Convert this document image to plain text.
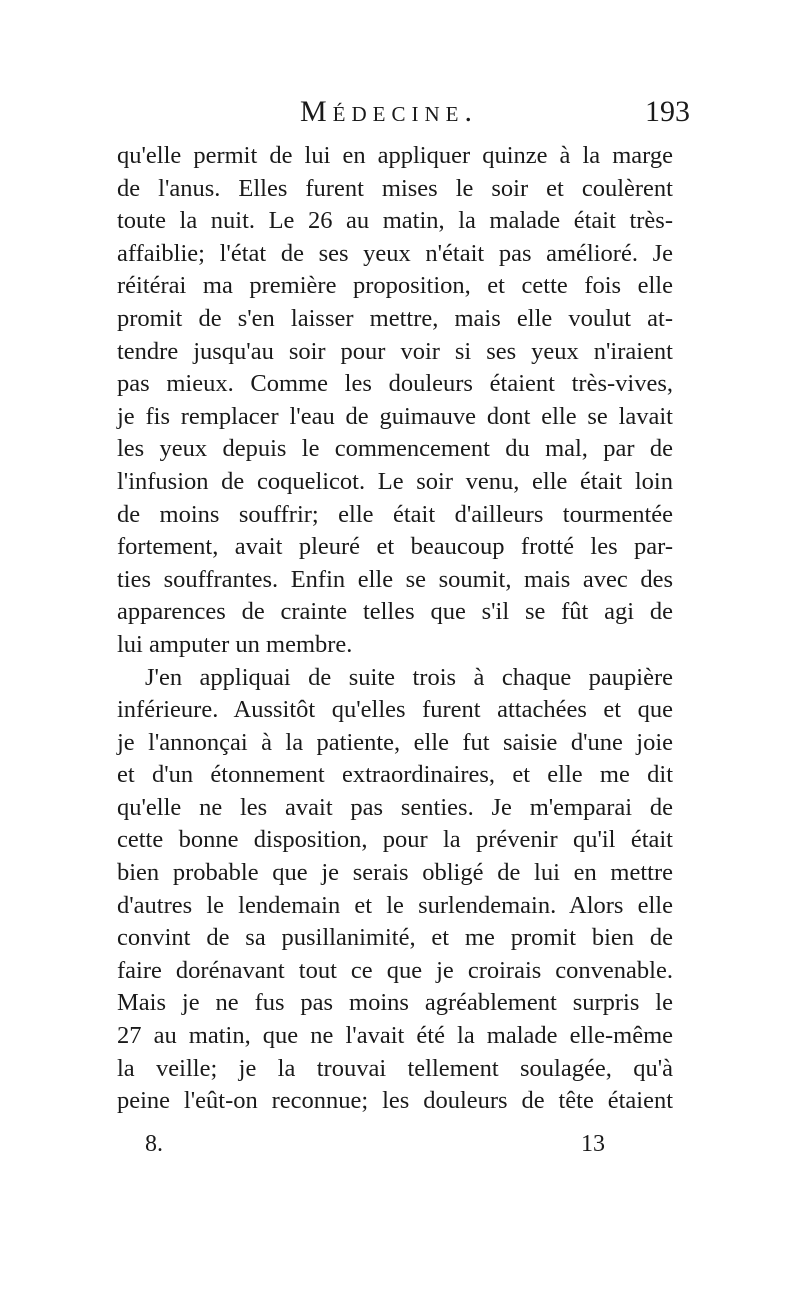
Médecine.	193
qu'elle permit de lui en appliquer quinze à la marge
de l'anus. Elles furent mises le soir et coulèrent
toute la nuit. Le 26 au matin, la malade était très-
affaiblie; l'état de ses yeux n'était pas amélioré. Je
réitérai ma première proposition, et cette fois elle
promit de s'en laisser mettre, mais elle voulut at-
tendre jusqu'au soir pour voir si ses yeux n'iraient
pas mieux. Comme les douleurs étaient très-vives,
je fis remplacer l'eau de guimauve dont elle se lavait
les yeux depuis le commencement du mal, par de
l'infusion de coquelicot. Le soir venu, elle était loin
de moins souffrir; elle était d'ailleurs tourmentée
fortement, avait pleuré et beaucoup frotté les par-
ties souffrantes. Enfin elle se soumit, mais avec des
apparences de crainte telles que s'il se fût agi de
lui amputer un membre.
J'en appliquai de suite trois à chaque paupière
inférieure. Aussitôt qu'elles furent attachées et que
je l'annonçai à la patiente, elle fut saisie d'une joie
et d'un étonnement extraordinaires, et elle me dit
qu'elle ne les avait pas senties. Je m'emparai de
cette bonne disposition, pour la prévenir qu'il était
bien probable que je serais obligé de lui en mettre
d'autres le lendemain et le surlendemain. Alors elle
convint de sa pusillanimité, et me promit bien de
faire dorénavant tout ce que je croirais convenable.
Mais je ne fus pas moins agréablement surpris le
27 au matin, que ne l'avait été la malade elle-même
la veille; je la trouvai tellement soulagée, qu'à
peine l'eût-on reconnue; les douleurs de tête étaient
8.	13
